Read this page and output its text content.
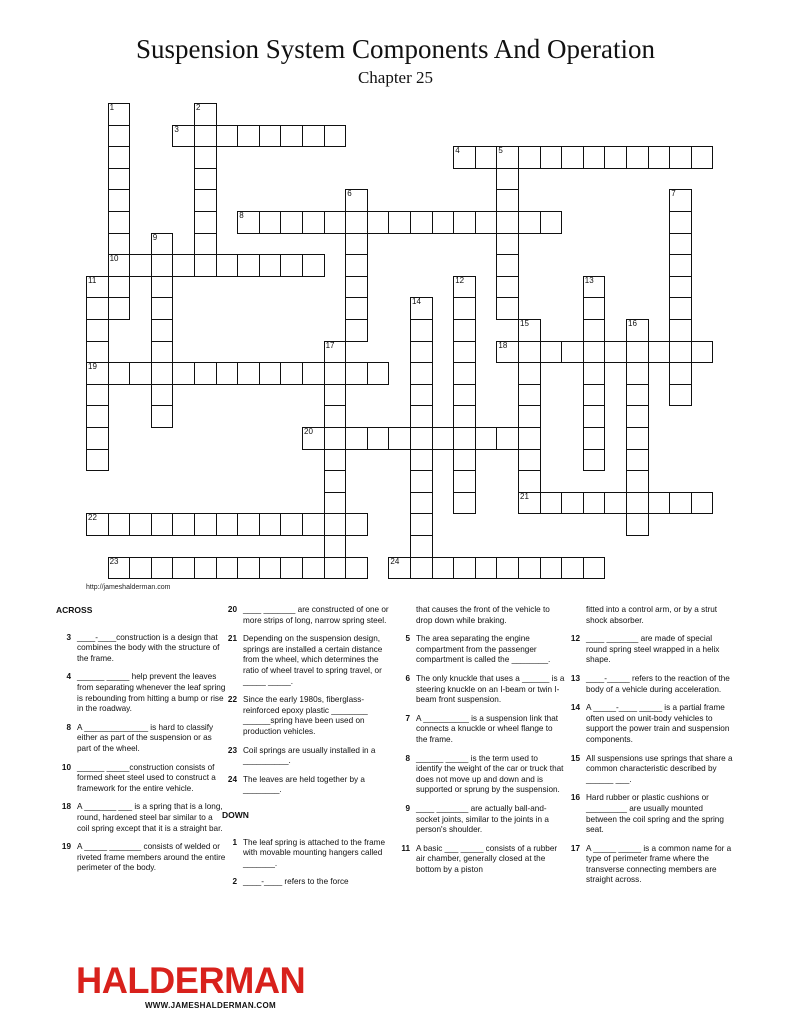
Suspension System Components And Operation
Chapter 25
1	2
3
4	5
6	7
8
9
10
11	12	13
14
15	16
17	18
19
20
21
22
23	24
http://jameshalderman.com
ACROSS
3 ____-____construction is a design that combines the body with the structure of the frame.
4 ______ _____ help prevent the leaves from separating whenever the leaf spring is rebounding from hitting a bump or rise in the roadway.
8 A ______________ is hard to classify either as part of the suspension or as part of the wheel.
10 ______ _____construction consists of formed sheet steel used to construct a framework for the entire vehicle.
18 A _______ ___ is a spring that is a long, round, hardened steel bar similar to a coil spring except that it is a straight bar.
19 A _____ _______ consists of welded or riveted frame members around the entire perimeter of the body.
20 ____ _______ are constructed of one or more strips of long, narrow spring steel.
21 Depending on the suspension design, springs are installed a certain distance from the wheel, which determines the ratio of wheel travel to spring travel, or _____ _____.
22 Since the early 1980s, fiberglass-reinforced epoxy plastic ________ ______spring have been used on production vehicles.
23 Coil springs are usually installed in a __________.
24 The leaves are held together by a ________.
DOWN
1 The leaf spring is attached to the frame with movable mounting hangers called _______.
2 ____-____ refers to the force
that causes the front of the vehicle to drop down while braking.
5 The area separating the engine compartment from the passenger compartment is called the ________.
6 The only knuckle that uses a ______ is a steering knuckle on an I-beam or twin I-beam front suspension.
7 A __________ is a suspension link that connects a knuckle or wheel flange to the frame.
8 ______ _____ is the term used to identify the weight of the car or truck that does not move up and down and is supported or sprung by the suspension.
9 ____ _______ are actually ball-and-socket joints, similar to the joints in a person's shoulder.
11 A basic ___ _____ consists of a rubber air chamber, generally closed at the bottom by a piston
fitted into a control arm, or by a strut shock absorber.
12 ____ _______ are made of special round spring steel wrapped in a helix shape.
13 ____-_____ refers to the reaction of the body of a vehicle during acceleration.
14 A _____-____ _____ is a partial frame often used on unit-body vehicles to support the power train and suspension components.
15 All suspensions use springs that share a common characteristic described by ______ ___.
16 Hard rubber or plastic cushions or _________ are usually mounted between the coil spring and the spring seat.
17 A _____ _____ is a common name for a type of perimeter frame where the transverse connecting members are straight across.
HALDERMAN
WWW.JAMESHALDERMAN.COM
